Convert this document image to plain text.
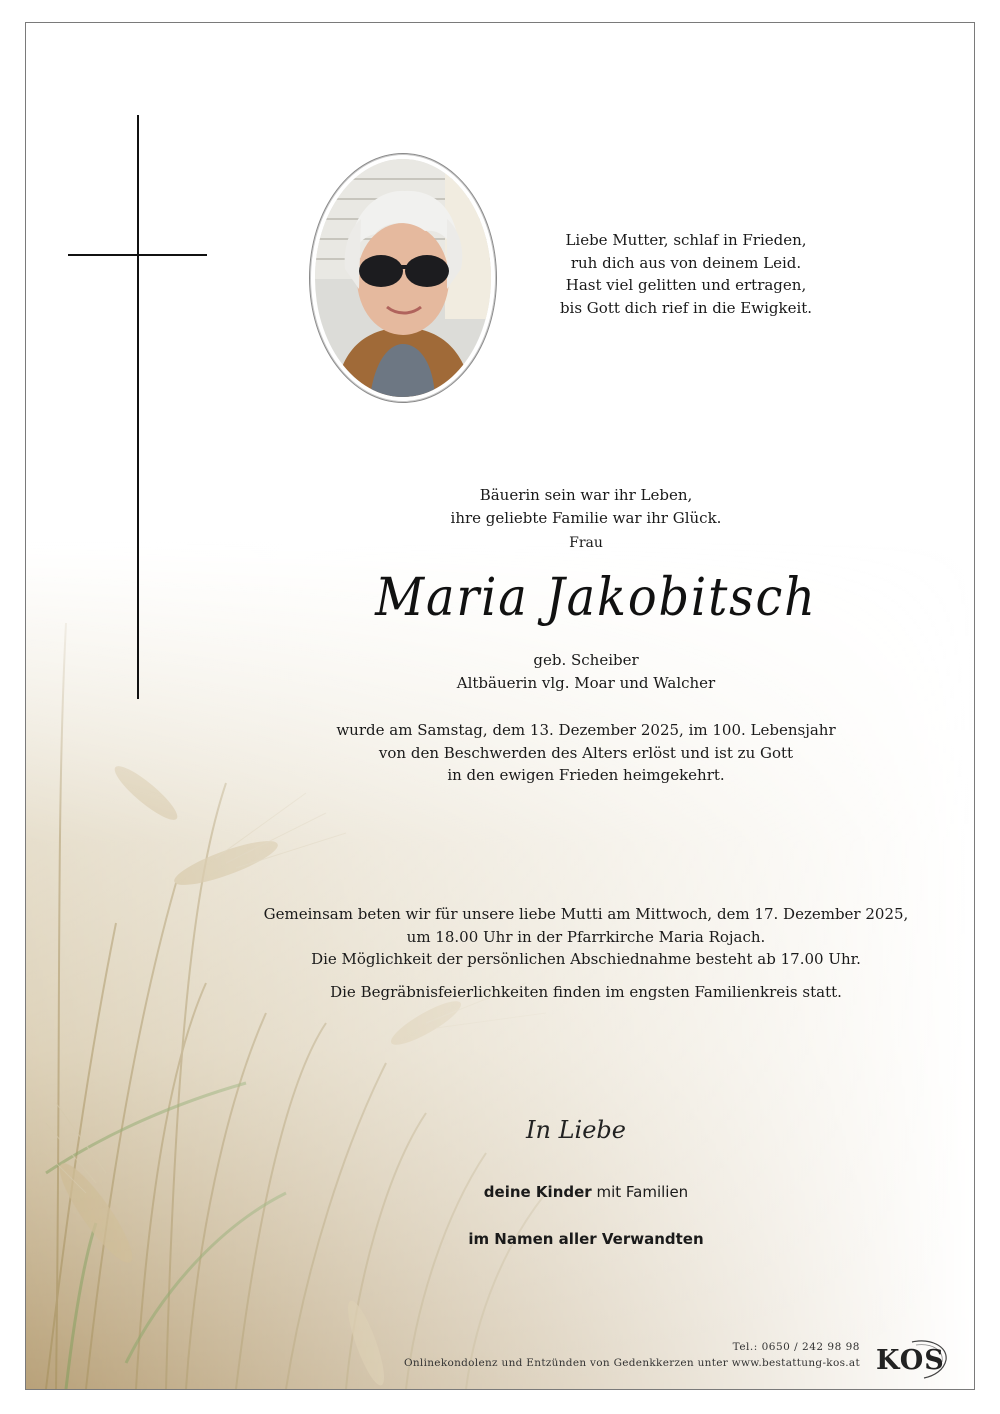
Liebe Mutter, schlaf in Frieden,
ruh dich aus von deinem Leid.
Hast viel gelitten und ertragen,
bis Gott dich rief in die Ewigkeit.
Bäuerin sein war ihr Leben,
ihre geliebte Familie war ihr Glück.
Frau
Maria Jakobitsch
geb. Scheiber
Altbäuerin vlg. Moar und Walcher
wurde am Samstag, dem 13. Dezember 2025, im 100. Lebensjahr
von den Beschwerden des Alters erlöst und ist zu Gott
in den ewigen Frieden heimgekehrt.
Gemeinsam beten wir für unsere liebe Mutti am Mittwoch, dem 17. Dezember 2025,
um 18.00 Uhr in der Pfarrkirche Maria Rojach.
Die Möglichkeit der persönlichen Abschiednahme besteht ab 17.00 Uhr.
Die Begräbnisfeierlichkeiten finden im engsten Familienkreis statt.
In Liebe
deine Kinder mit Familien
im Namen aller Verwandten
Tel.: 0650 / 242 98 98
Onlinekondolenz und Entzünden von Gedenkkerzen unter www.bestattung-kos.at KOS
